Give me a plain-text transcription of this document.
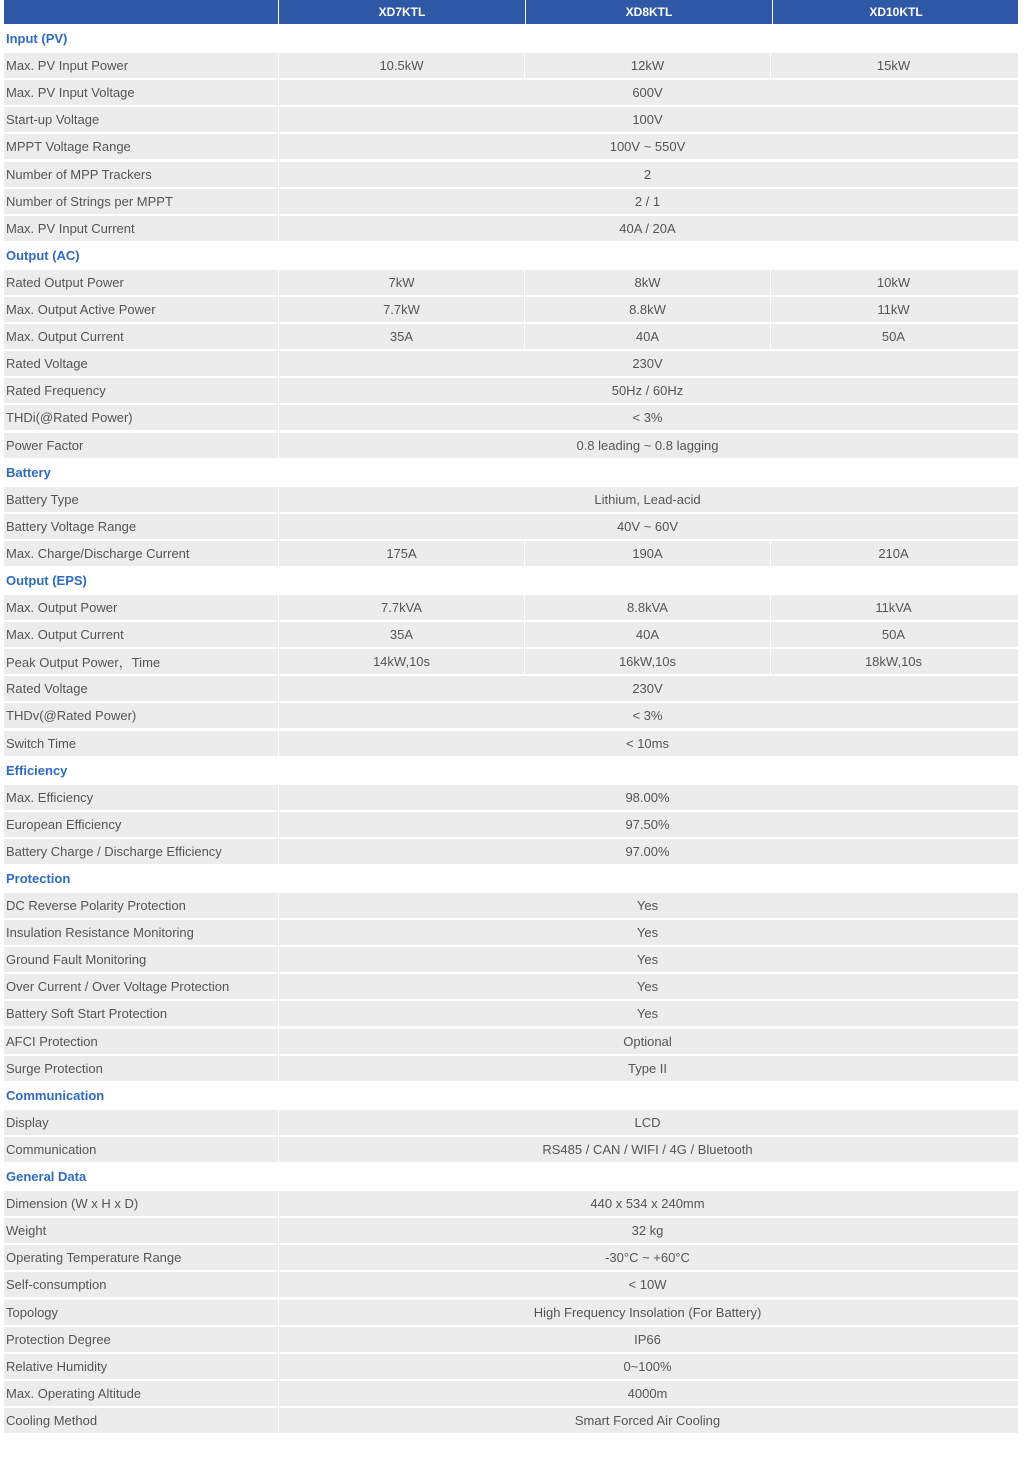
XD7KTL	XD8KTL	XD10KTL
Input (PV)
Max. PV Input Power	10.5kW	12kW	15kW
Max. PV Input Voltage	600V
Start-up Voltage	100V
MPPT Voltage Range	100V ~ 550V
Number of MPP Trackers	2
Number of Strings per MPPT	2 / 1
Max. PV Input Current	40A / 20A
Output (AC)
Rated Output Power	7kW	8kW	10kW
Max. Output Active Power	7.7kW	8.8kW	11kW
Max. Output Current	35A	40A	50A
Rated Voltage	230V
Rated Frequency	50Hz / 60Hz
THDi(@Rated Power)	< 3%
Power Factor	0.8 leading ~ 0.8 lagging
Battery
Battery Type	Lithium, Lead-acid
Battery Voltage Range	40V ~ 60V
Max. Charge/Discharge Current	175A	190A	210A
Output (EPS)
Max. Output Power	7.7kVA	8.8kVA	11kVA
Max. Output Current	35A	40A	50A
Peak Output Power，Time	14kW,10s	16kW,10s	18kW,10s
Rated Voltage	230V
THDv(@Rated Power)	< 3%
Switch Time	< 10ms
Efficiency
Max. Efficiency	98.00%
European Efficiency	97.50%
Battery Charge / Discharge Efficiency	97.00%
Protection
DC Reverse Polarity Protection	Yes
Insulation Resistance Monitoring	Yes
Ground Fault Monitoring	Yes
Over Current / Over Voltage Protection	Yes
Battery Soft Start Protection	Yes
AFCI Protection	Optional
Surge Protection	Type II
Communication
Display	LCD
Communication	RS485 / CAN / WIFI / 4G / Bluetooth
General Data
Dimension (W x H x D)	440 x 534 x 240mm
Weight	32 kg
Operating Temperature Range	-30°C ~ +60°C
Self-consumption	< 10W
Topology	High Frequency Insolation (For Battery)
Protection Degree	IP66
Relative Humidity	0~100%
Max. Operating Altitude	4000m
Cooling Method	Smart Forced Air Cooling
